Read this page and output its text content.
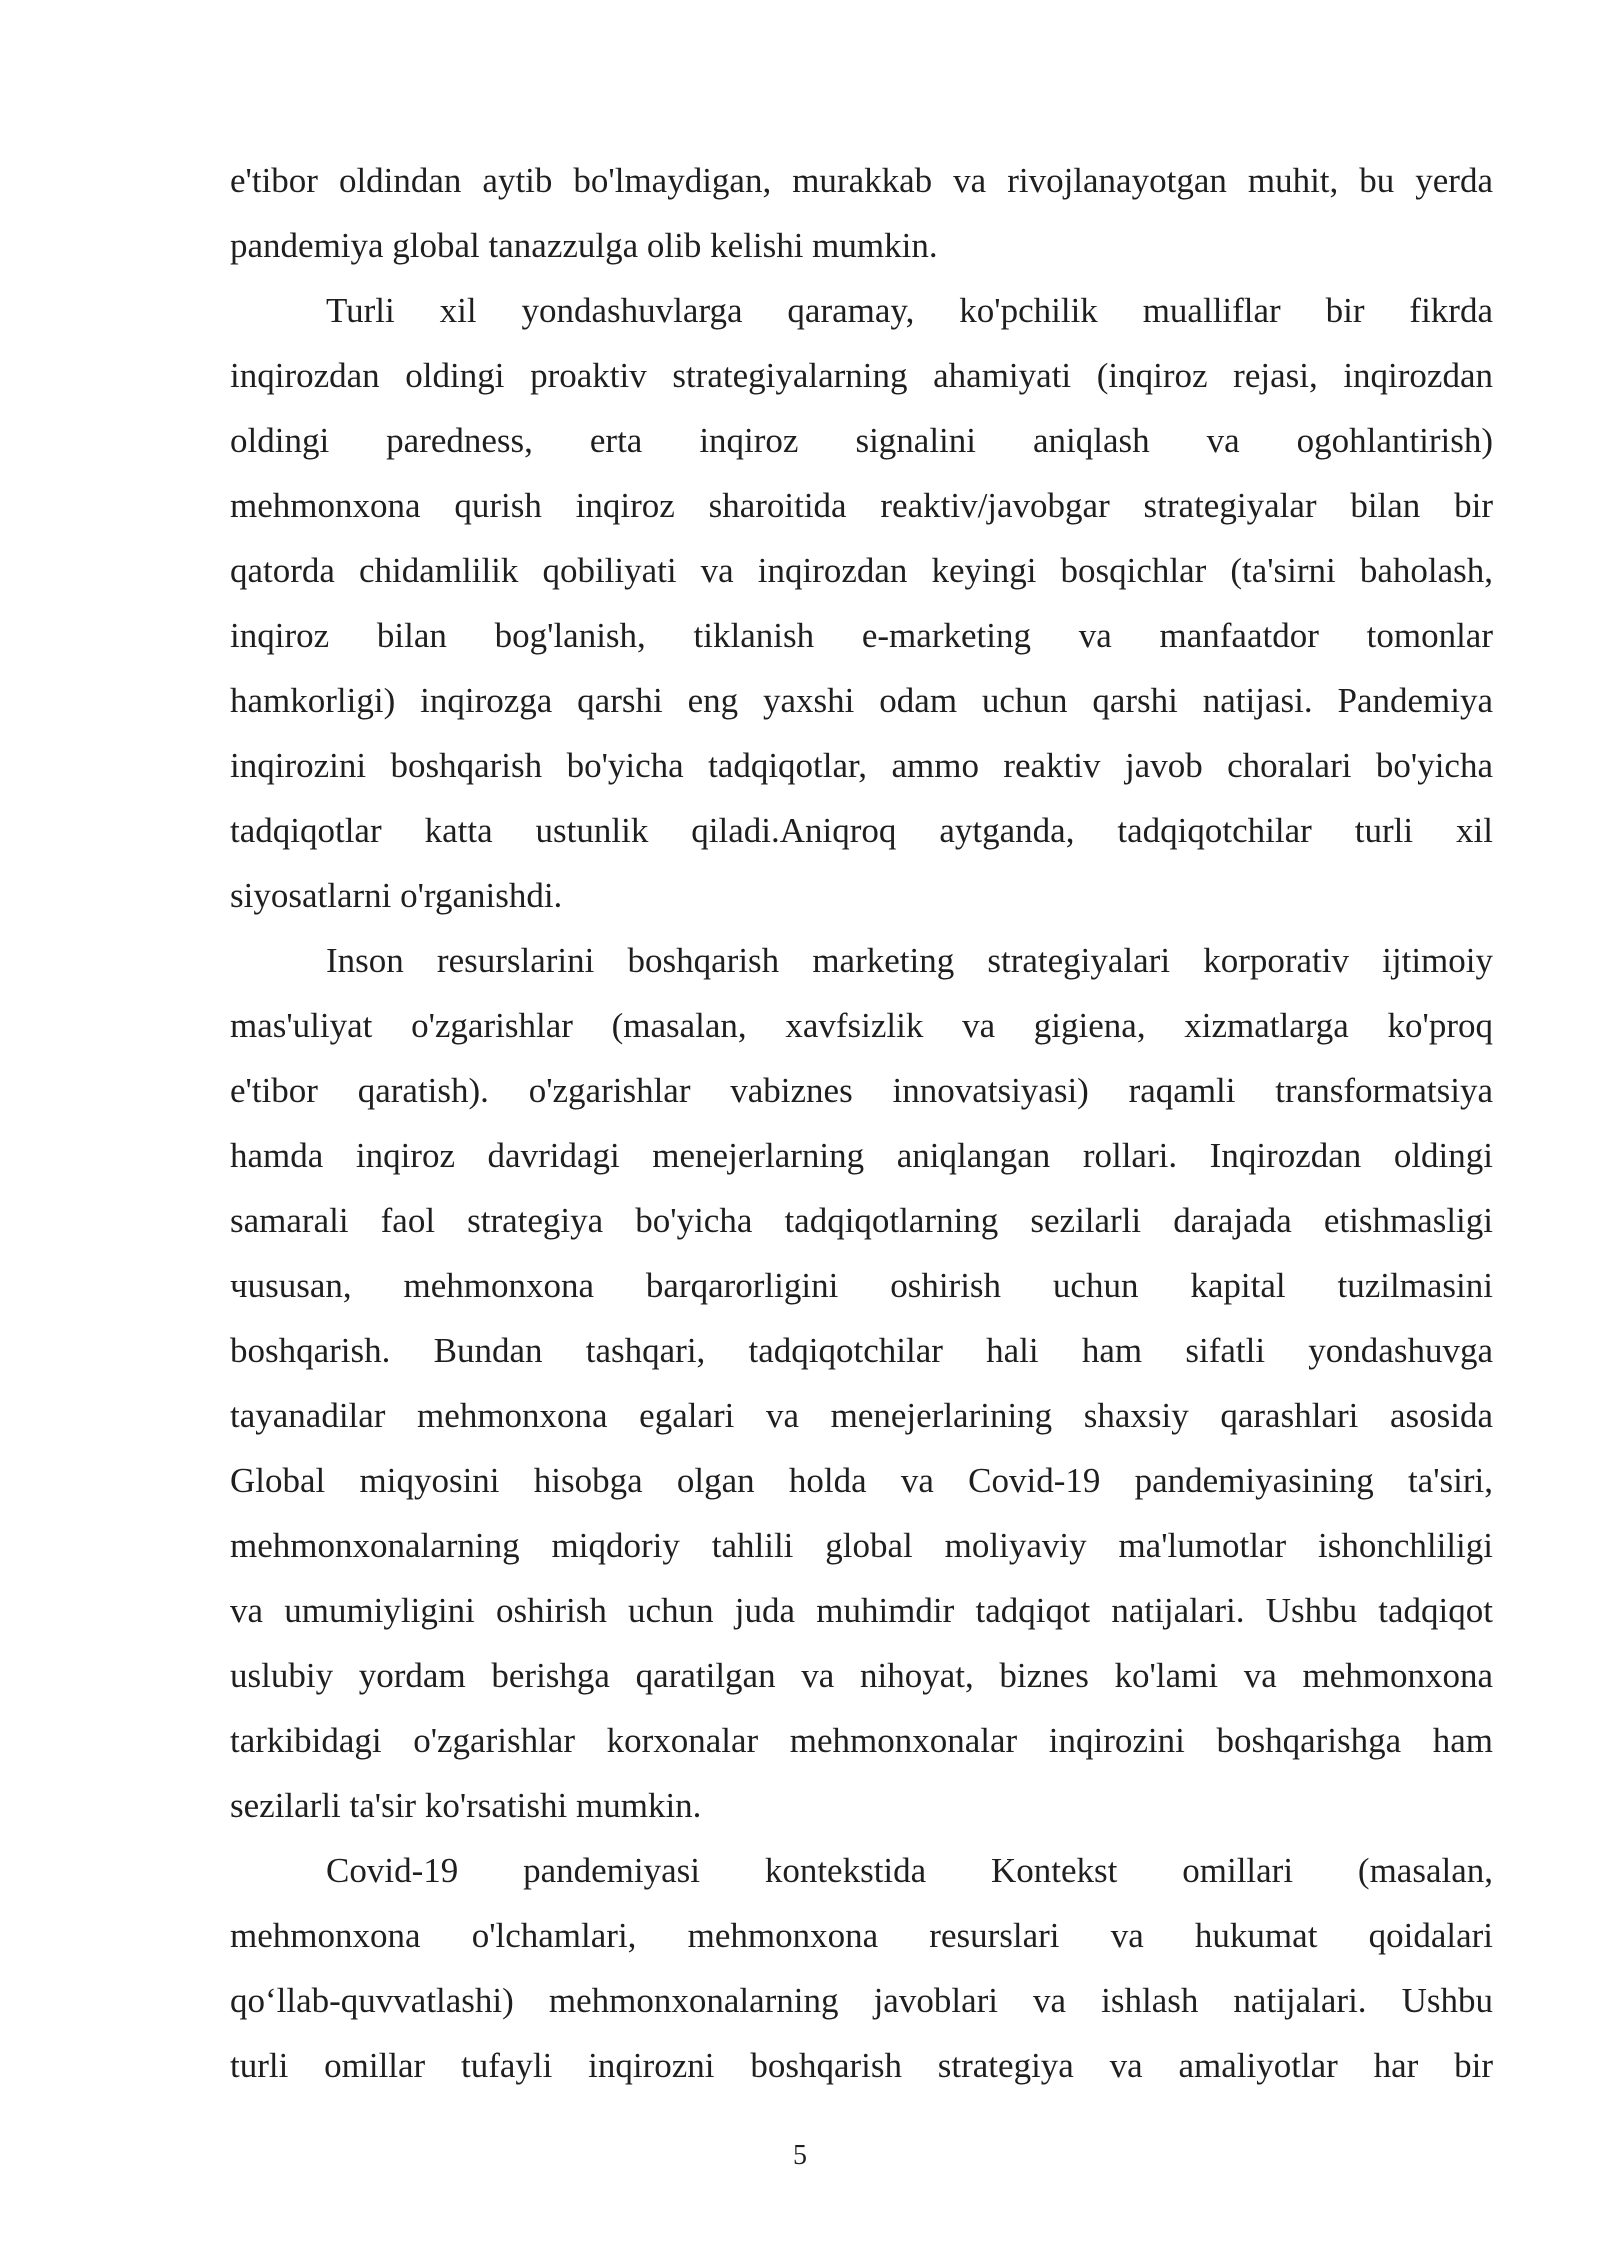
e'tibor oldindan aytib bo'lmaydigan, murakkab va rivojlanayotgan muhit, bu yerda
pandemiya global tanazzulga olib kelishi mumkin.
Turli xil yondashuvlarga qaramay, ko'pchilik mualliflar bir fikrda
inqirozdan oldingi proaktiv strategiyalarning ahamiyati (inqiroz rejasi, inqirozdan
oldingi paredness, erta inqiroz signalini aniqlash va ogohlantirish)
mehmonxona qurish inqiroz sharoitida reaktiv/javobgar strategiyalar bilan bir
qatorda chidamlilik qobiliyati va inqirozdan keyingi bosqichlar (ta'sirni baholash,
inqiroz bilan bog'lanish, tiklanish e-marketing va manfaatdor tomonlar
hamkorligi) inqirozga qarshi eng yaxshi odam uchun qarshi natijasi. Pandemiya
inqirozini boshqarish bo'yicha tadqiqotlar, ammo reaktiv javob choralari bo'yicha
tadqiqotlar katta ustunlik qiladi.Aniqroq aytganda, tadqiqotchilar turli xil
siyosatlarni o'rganishdi.
Inson resurslarini boshqarish marketing strategiyalari korporativ ijtimoiy
mas'uliyat o'zgarishlar (masalan, xavfsizlik va gigiena, xizmatlarga ko'proq
e'tibor qaratish). o'zgarishlar vabiznes innovatsiyasi) raqamli transformatsiya
hamda inqiroz davridagi menejerlarning aniqlangan rollari. Inqirozdan oldingi
samarali faol strategiya bo'yicha tadqiqotlarning sezilarli darajada etishmasligi
чususan, mehmonxona barqarorligini oshirish uchun kapital tuzilmasini
boshqarish. Bundan tashqari, tadqiqotchilar hali ham sifatli yondashuvga
tayanadilar mehmonxona egalari va menejerlarining shaxsiy qarashlari asosida
Global miqyosini hisobga olgan holda va Covid-19 pandemiyasining ta'siri,
mehmonxonalarning miqdoriy tahlili global moliyaviy ma'lumotlar ishonchliligi
va umumiyligini oshirish uchun juda muhimdir tadqiqot natijalari. Ushbu tadqiqot
uslubiy yordam berishga qaratilgan va nihoyat, biznes ko'lami va mehmonxona
tarkibidagi o'zgarishlar korxonalar mehmonxonalar inqirozini boshqarishga ham
sezilarli ta'sir ko'rsatishi mumkin.
Covid-19 pandemiyasi kontekstida Kontekst omillari (masalan,
mehmonxona o'lchamlari, mehmonxona resurslari va hukumat qoidalari
qo‘llab-quvvatlashi) mehmonxonalarning javoblari va ishlash natijalari. Ushbu
turli omillar tufayli inqirozni boshqarish strategiya va amaliyotlar har bir
5
